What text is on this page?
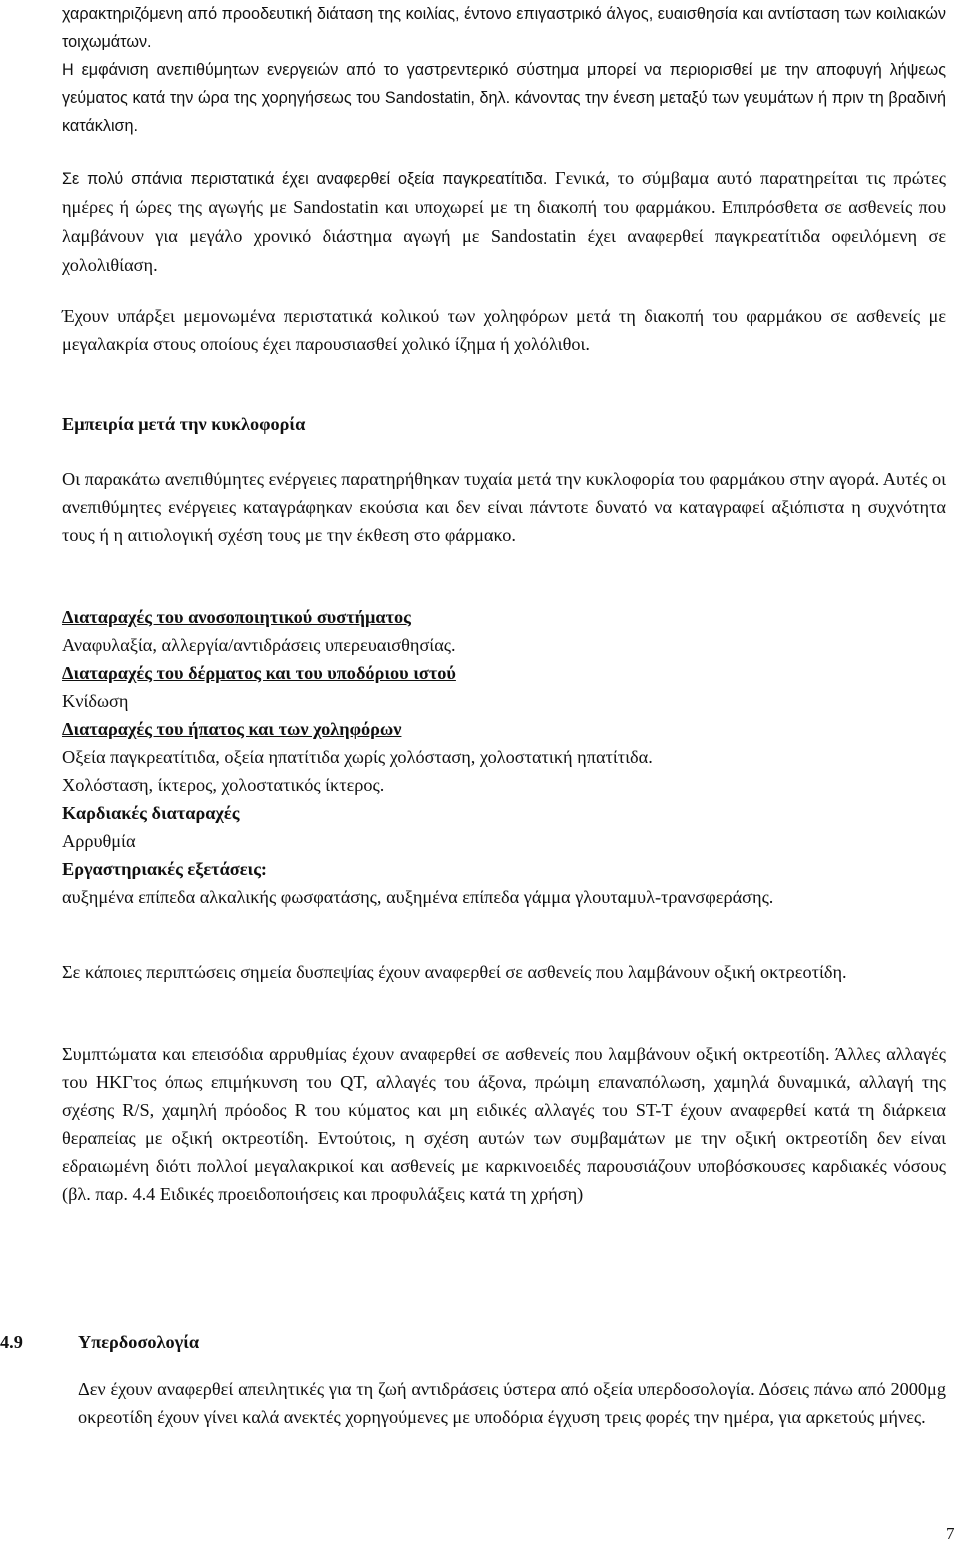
χαρακτηριζόμενη από προοδευτική διάταση της κοιλίας, έντονο επιγαστρικό άλγος, ευαισθησία και αντίσταση των κοιλιακών τοιχωμάτων.

Η εμφάνιση ανεπιθύμητων ενεργειών από το γαστρεντερικό σύστημα μπορεί να περιορισθεί με την αποφυγή λήψεως γεύματος κατά την ώρα της χορηγήσεως του Sandostatin, δηλ. κάνοντας την ένεση μεταξύ των γευμάτων ή πριν τη βραδινή κατάκλιση.

Σε πολύ σπάνια περιστατικά έχει αναφερθεί οξεία παγκρεατίτιδα. Γενικά, το σύμβαμα αυτό παρατηρείται τις πρώτες ημέρες ή ώρες της αγωγής με Sandostatin και υποχωρεί με τη διακοπή του φαρμάκου. Επιπρόσθετα σε ασθενείς που λαμβάνουν για μεγάλο χρονικό διάστημα αγωγή με Sandostatin έχει αναφερθεί παγκρεατίτιδα οφειλόμενη σε χολολιθίαση.

Έχουν υπάρξει μεμονωμένα περιστατικά κολικού των χοληφόρων μετά τη διακοπή του φαρμάκου σε ασθενείς με μεγαλακρία στους οποίους έχει παρουσιασθεί χολικό ίζημα ή χολόλιθοι.

Εμπειρία μετά την κυκλοφορία

Οι παρακάτω ανεπιθύμητες ενέργειες παρατηρήθηκαν τυχαία μετά την κυκλοφορία του φαρμάκου στην αγορά. Αυτές οι ανεπιθύμητες ενέργειες καταγράφηκαν εκούσια και δεν είναι πάντοτε δυνατό να καταγραφεί αξιόπιστα η συχνότητα τους ή η αιτιολογική σχέση τους με την έκθεση στο φάρμακο.

Διαταραχές του ανοσοποιητικού συστήματος

Αναφυλαξία, αλλεργία/αντιδράσεις υπερευαισθησίας.

Διαταραχές του δέρματος και του υποδόριου ιστού

Κνίδωση

Διαταραχές του ήπατος και των χοληφόρων

Οξεία παγκρεατίτιδα, οξεία ηπατίτιδα χωρίς χολόσταση, χολοστατική ηπατίτιδα.

Χολόσταση, ίκτερος, χολοστατικός ίκτερος.

Καρδιακές διαταραχές

Αρρυθμία

Εργαστηριακές εξετάσεις:

αυξημένα επίπεδα αλκαλικής φωσφατάσης, αυξημένα επίπεδα γάμμα γλουταμυλ-τρανσφεράσης.

Σε κάποιες περιπτώσεις σημεία δυσπεψίας έχουν αναφερθεί σε ασθενείς που λαμβάνουν οξική οκτρεοτίδη.

Συμπτώματα και επεισόδια αρρυθμίας έχουν αναφερθεί σε ασθενείς που λαμβάνουν οξική οκτρεοτίδη. Άλλες αλλαγές του ΗΚΓτος όπως επιμήκυνση του QT, αλλαγές του άξονα, πρώιμη επαναπόλωση, χαμηλά δυναμικά, αλλαγή της σχέσης R/S, χαμηλή πρόοδος R του κύματος και μη ειδικές αλλαγές του ST-T έχουν αναφερθεί κατά τη διάρκεια θεραπείας με οξική οκτρεοτίδη. Εντούτοις, η σχέση αυτών των συμβαμάτων με την οξική οκτρεοτίδη δεν είναι εδραιωμένη διότι πολλοί μεγαλακρικοί και ασθενείς με καρκινοειδές παρουσιάζουν υποβόσκουσες καρδιακές νόσους (βλ. παρ. 4.4 Ειδικές προειδοποιήσεις και προφυλάξεις κατά τη χρήση)

4.9	Υπερδοσολογία

Δεν έχουν αναφερθεί απειλητικές για τη ζωή αντιδράσεις ύστερα από οξεία υπερδοσολογία. Δόσεις πάνω από 2000μg οκρεοτίδη έχουν γίνει καλά ανεκτές χορηγούμενες με υποδόρια έγχυση τρεις φορές την ημέρα, για αρκετούς μήνες.

7
